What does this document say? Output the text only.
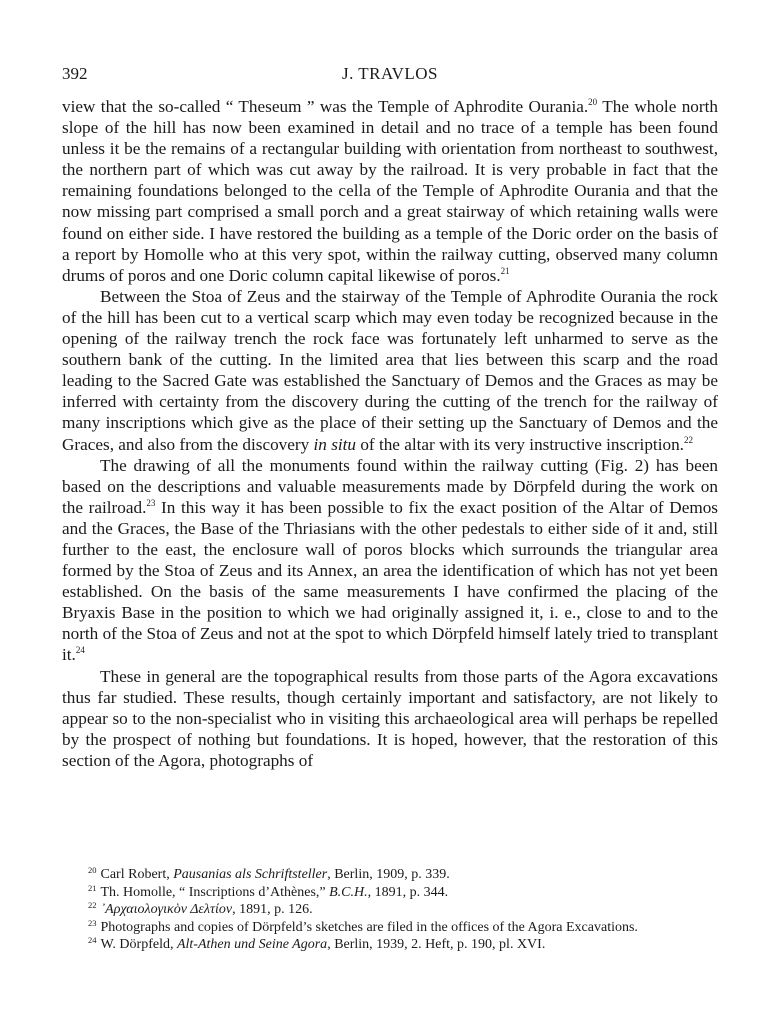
392	J. TRAVLOS

view that the so-called “ Theseum ” was the Temple of Aphrodite Ourania.$^{20}$ The whole north slope of the hill has now been examined in detail and no trace of a temple has been found unless it be the remains of a rectangular building with orientation from northeast to southwest, the northern part of which was cut away by the railroad. It is very probable in fact that the remaining foundations belonged to the cella of the Temple of Aphrodite Ourania and that the now missing part comprised a small porch and a great stairway of which retaining walls were found on either side. I have restored the building as a temple of the Doric order on the basis of a report by Homolle who at this very spot, within the railway cutting, observed many column drums of poros and one Doric column capital likewise of poros.$^{21}$

Between the Stoa of Zeus and the stairway of the Temple of Aphrodite Ourania the rock of the hill has been cut to a vertical scarp which may even today be recognized because in the opening of the railway trench the rock face was fortunately left unharmed to serve as the southern bank of the cutting. In the limited area that lies between this scarp and the road leading to the Sacred Gate was established the Sanctuary of Demos and the Graces as may be inferred with certainty from the discovery during the cutting of the trench for the railway of many inscriptions which give as the place of their setting up the Sanctuary of Demos and the Graces, and also from the discovery in situ of the altar with its very instructive inscription.$^{22}$

The drawing of all the monuments found within the railway cutting (Fig. 2) has been based on the descriptions and valuable measurements made by Dörpfeld during the work on the railroad.$^{23}$ In this way it has been possible to fix the exact position of the Altar of Demos and the Graces, the Base of the Thriasians with the other pedestals to either side of it and, still further to the east, the enclosure wall of poros blocks which surrounds the triangular area formed by the Stoa of Zeus and its Annex, an area the identification of which has not yet been established. On the basis of the same measurements I have confirmed the placing of the Bryaxis Base in the position to which we had originally assigned it, i. e., close to and to the north of the Stoa of Zeus and not at the spot to which Dörpfeld himself lately tried to transplant it.$^{24}$

These in general are the topographical results from those parts of the Agora excavations thus far studied. These results, though certainly important and satisfactory, are not likely to appear so to the non-specialist who in visiting this archaeological area will perhaps be repelled by the prospect of nothing but foundations. It is hoped, however, that the restoration of this section of the Agora, photographs of

$^{20}$ Carl Robert, Pausanias als Schriftsteller, Berlin, 1909, p. 339.
$^{21}$ Th. Homolle, “ Inscriptions d’Athènes,” B.C.H., 1891, p. 344.
$^{22}$ ᾽Αρχαιολογικὸν Δελτίον, 1891, p. 126.
$^{23}$ Photographs and copies of Dörpfeld’s sketches are filed in the offices of the Agora Excavations.
$^{24}$ W. Dörpfeld, Alt-Athen und Seine Agora, Berlin, 1939, 2. Heft, p. 190, pl. XVI.
